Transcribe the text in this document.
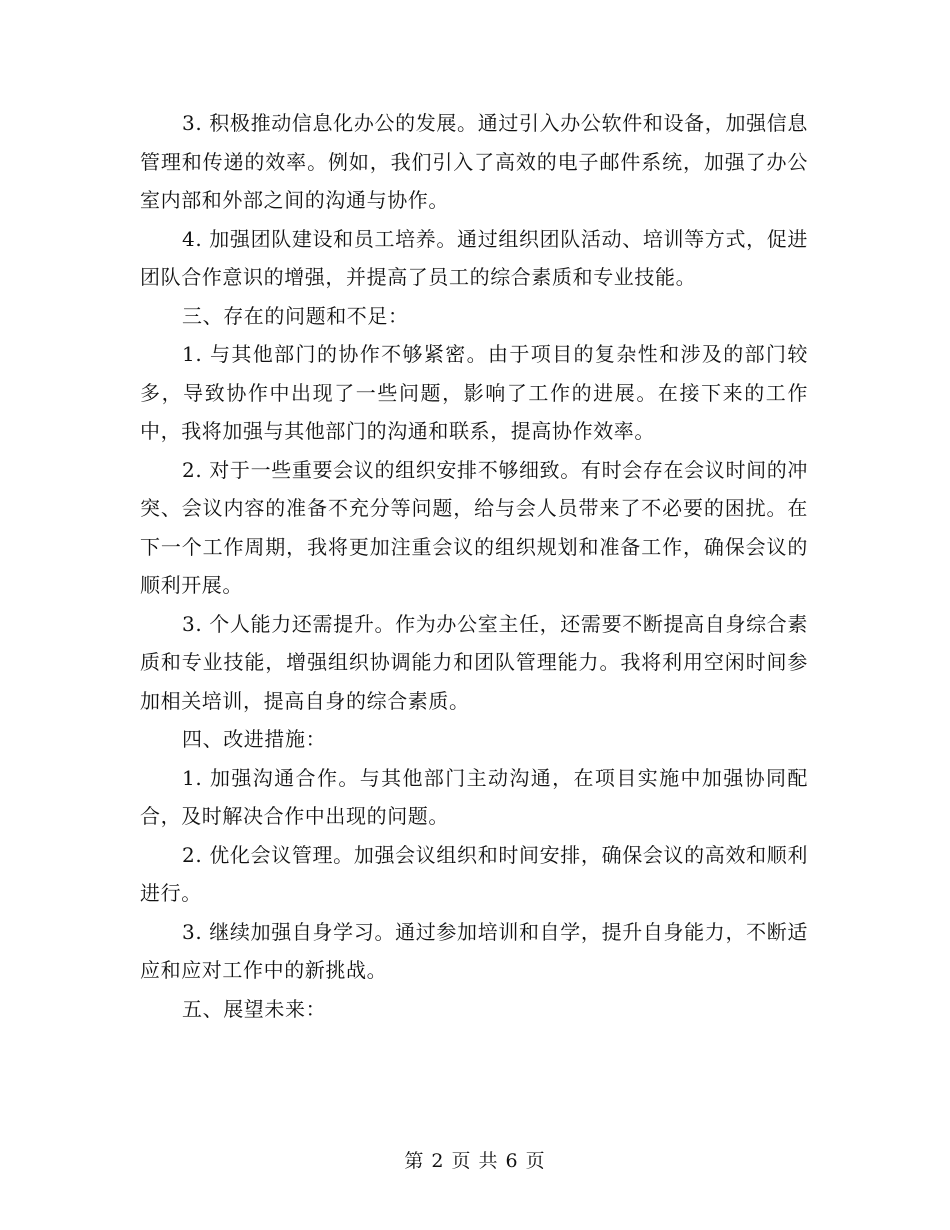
3. 积极推动信息化办公的发展。通过引入办公软件和设备，加强信息管理和传递的效率。例如，我们引入了高效的电子邮件系统，加强了办公室内部和外部之间的沟通与协作。

4. 加强团队建设和员工培养。通过组织团队活动、培训等方式，促进团队合作意识的增强，并提高了员工的综合素质和专业技能。

三、存在的问题和不足：

1. 与其他部门的协作不够紧密。由于项目的复杂性和涉及的部门较多，导致协作中出现了一些问题，影响了工作的进展。在接下来的工作中，我将加强与其他部门的沟通和联系，提高协作效率。

2. 对于一些重要会议的组织安排不够细致。有时会存在会议时间的冲突、会议内容的准备不充分等问题，给与会人员带来了不必要的困扰。在下一个工作周期，我将更加注重会议的组织规划和准备工作，确保会议的顺利开展。

3. 个人能力还需提升。作为办公室主任，还需要不断提高自身综合素质和专业技能，增强组织协调能力和团队管理能力。我将利用空闲时间参加相关培训，提高自身的综合素质。

四、改进措施：

1. 加强沟通合作。与其他部门主动沟通，在项目实施中加强协同配合，及时解决合作中出现的问题。

2. 优化会议管理。加强会议组织和时间安排，确保会议的高效和顺利进行。

3. 继续加强自身学习。通过参加培训和自学，提升自身能力，不断适应和应对工作中的新挑战。

五、展望未来：

第 2 页 共 6 页
